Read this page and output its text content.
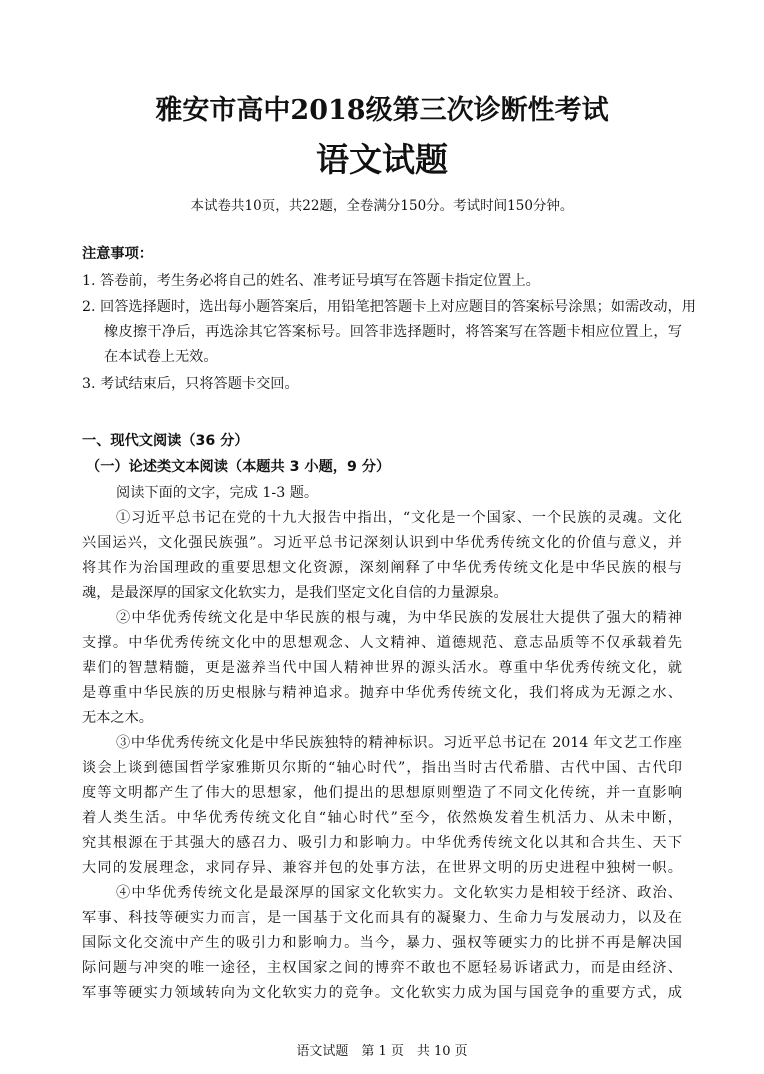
雅安市高中2018级第三次诊断性考试
语文试题
本试卷共10页，共22题，全卷满分150分。考试时间150分钟。
注意事项：
1. 答卷前，考生务必将自己的姓名、准考证号填写在答题卡指定位置上。
2. 回答选择题时，选出每小题答案后，用铅笔把答题卡上对应题目的答案标号涂黑；如需改动，用
橡皮擦干净后，再选涂其它答案标号。回答非选择题时，将答案写在答题卡相应位置上，写
在本试卷上无效。
3. 考试结束后，只将答题卡交回。
一、现代文阅读（36 分）
（一）论述类文本阅读（本题共 3 小题，9 分）
阅读下面的文字，完成 1-3 题。
①习近平总书记在党的十九大报告中指出，“文化是一个国家、一个民族的灵魂。文化
兴国运兴，文化强民族强”。习近平总书记深刻认识到中华优秀传统文化的价值与意义，并
将其作为治国理政的重要思想文化资源，深刻阐释了中华优秀传统文化是中华民族的根与
魂，是最深厚的国家文化软实力，是我们坚定文化自信的力量源泉。
②中华优秀传统文化是中华民族的根与魂，为中华民族的发展壮大提供了强大的精神
支撑。中华优秀传统文化中的思想观念、人文精神、道德规范、意志品质等不仅承载着先
辈们的智慧精髓，更是滋养当代中国人精神世界的源头活水。尊重中华优秀传统文化，就
是尊重中华民族的历史根脉与精神追求。抛弃中华优秀传统文化，我们将成为无源之水、
无本之木。
③中华优秀传统文化是中华民族独特的精神标识。习近平总书记在 2014 年文艺工作座
谈会上谈到德国哲学家雅斯贝尔斯的“轴心时代”，指出当时古代希腊、古代中国、古代印
度等文明都产生了伟大的思想家，他们提出的思想原则塑造了不同文化传统，并一直影响
着人类生活。中华优秀传统文化自“轴心时代”至今，依然焕发着生机活力、从未中断，
究其根源在于其强大的感召力、吸引力和影响力。中华优秀传统文化以其和合共生、天下
大同的发展理念，求同存异、兼容并包的处事方法，在世界文明的历史进程中独树一帜。
④中华优秀传统文化是最深厚的国家文化软实力。文化软实力是相较于经济、政治、
军事、科技等硬实力而言，是一国基于文化而具有的凝聚力、生命力与发展动力，以及在
国际文化交流中产生的吸引力和影响力。当今，暴力、强权等硬实力的比拼不再是解决国
际问题与冲突的唯一途径，主权国家之间的博弈不敢也不愿轻易诉诸武力，而是由经济、
军事等硬实力领域转向为文化软实力的竞争。文化软实力成为国与国竞争的重要方式，成
语文试题　第 1 页　共 10 页
